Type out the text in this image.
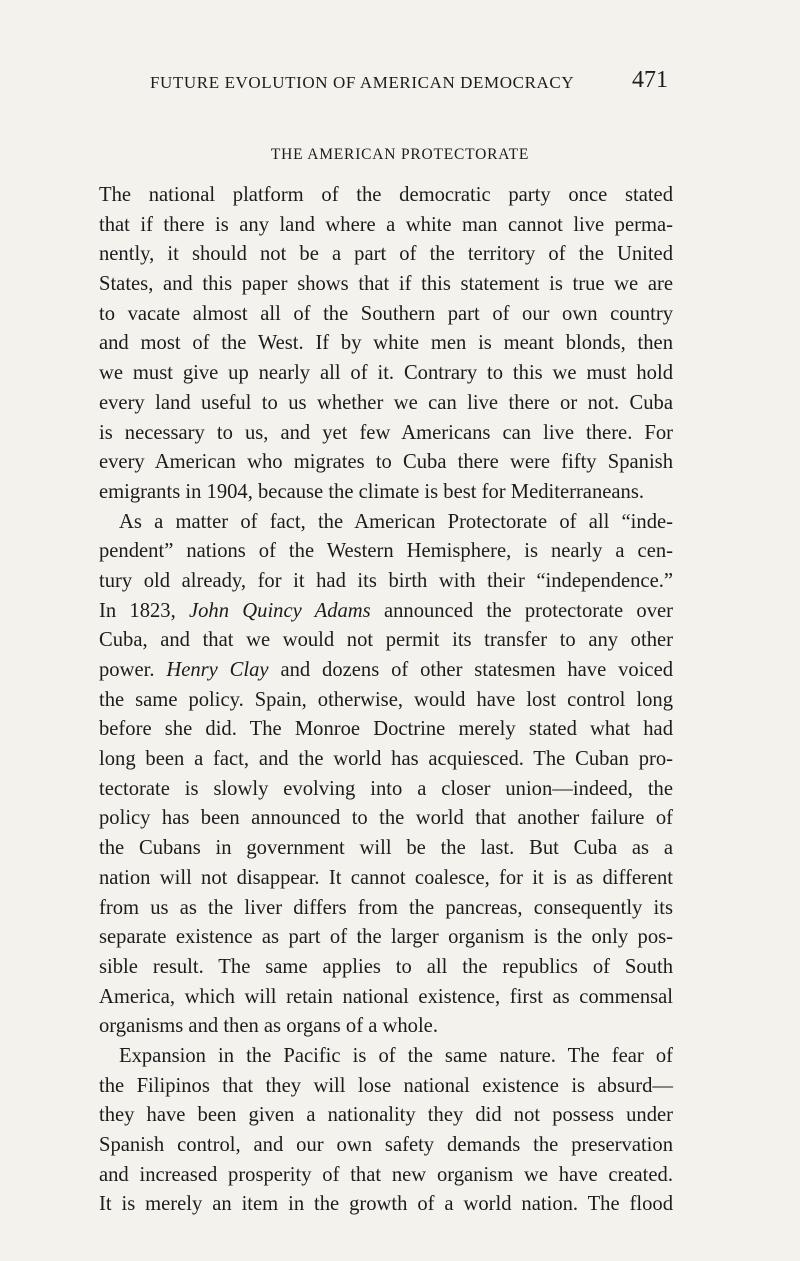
FUTURE EVOLUTION OF AMERICAN DEMOCRACY 471
THE AMERICAN PROTECTORATE
The national platform of the democratic party once stated
that if there is any land where a white man cannot live perma-
nently, it should not be a part of the territory of the United
States, and this paper shows that if this statement is true we are
to vacate almost all of the Southern part of our own country
and most of the West. If by white men is meant blonds, then
we must give up nearly all of it. Contrary to this we must hold
every land useful to us whether we can live there or not. Cuba
is necessary to us, and yet few Americans can live there. For
every American who migrates to Cuba there were fifty Spanish
emigrants in 1904, because the climate is best for Mediterraneans.
As a matter of fact, the American Protectorate of all “inde-
pendent” nations of the Western Hemisphere, is nearly a cen-
tury old already, for it had its birth with their “independence.”
In 1823, John Quincy Adams announced the protectorate over
Cuba, and that we would not permit its transfer to any other
power. Henry Clay and dozens of other statesmen have voiced
the same policy. Spain, otherwise, would have lost control long
before she did. The Monroe Doctrine merely stated what had
long been a fact, and the world has acquiesced. The Cuban pro-
tectorate is slowly evolving into a closer union—indeed, the
policy has been announced to the world that another failure of
the Cubans in government will be the last. But Cuba as a
nation will not disappear. It cannot coalesce, for it is as different
from us as the liver differs from the pancreas, consequently its
separate existence as part of the larger organism is the only pos-
sible result. The same applies to all the republics of South
America, which will retain national existence, first as commensal
organisms and then as organs of a whole.
Expansion in the Pacific is of the same nature. The fear of
the Filipinos that they will lose national existence is absurd—
they have been given a nationality they did not possess under
Spanish control, and our own safety demands the preservation
and increased prosperity of that new organism we have created.
It is merely an item in the growth of a world nation. The flood
